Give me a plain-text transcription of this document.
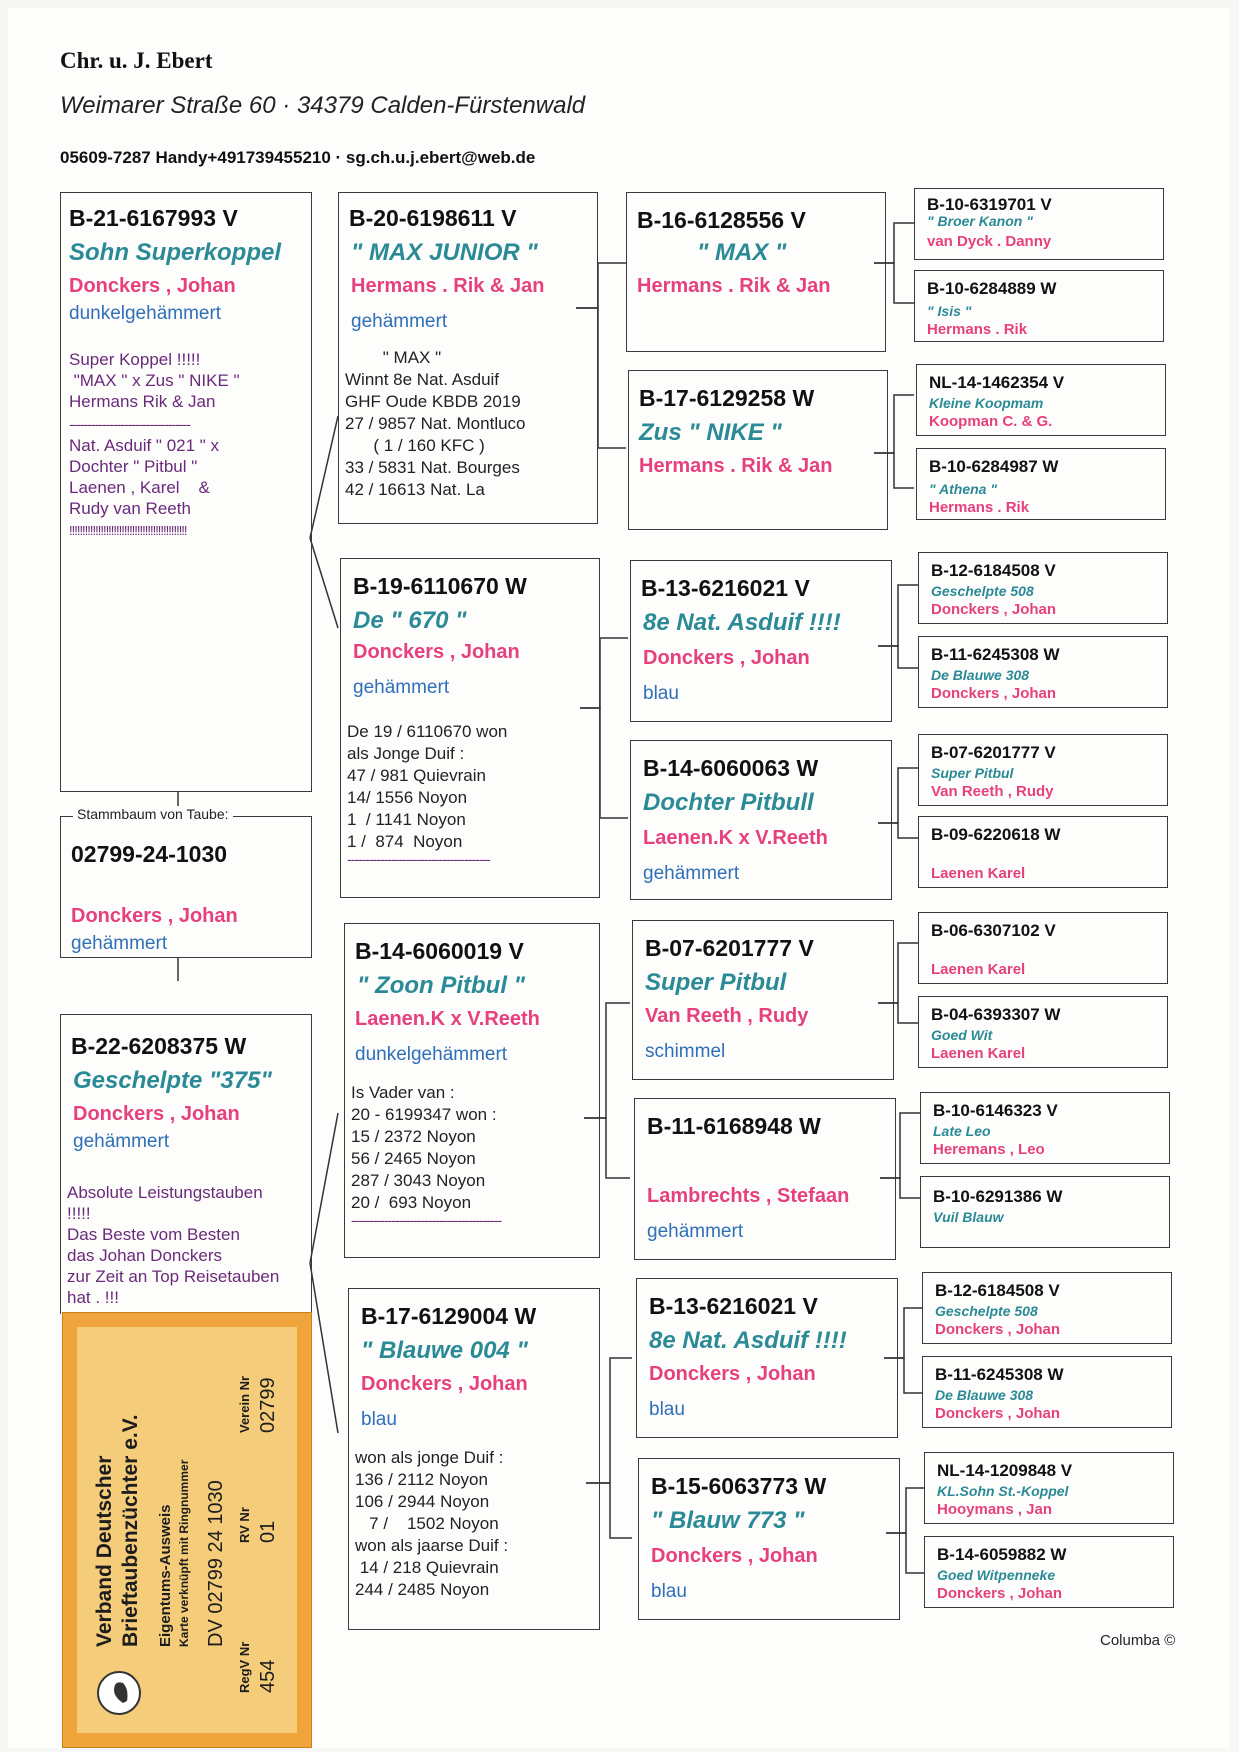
Chr. u. J. Ebert
Weimarer Straße 60 · 34379 Calden-Fürstenwald
05609-7287 Handy+491739455210 · sg.ch.u.j.ebert@web.de
B-21-6167993 V
Sohn Superkoppel
Donckers , Johan
dunkelgehämmert
Super Koppel !!!!!
"MAX " x Zus " NIKE "
Hermans Rik & Jan
---------------------------------
Nat. Asduif " 021 " x
Dochter " Pitbul "
Laenen , Karel    &
Rudy van Reeth
!!!!!!!!!!!!!!!!!!!!!!!!!!!!!!!!!!!!!!!!!!!!!
Stammbaum von Taube:
02799-24-1030
Donckers , Johan
gehämmert
B-22-6208375 W
Geschelpte "375"
Donckers , Johan
gehämmert
Absolute Leistungstauben
!!!!!
Das Beste vom Besten
das Johan Donckers
zur Zeit an Top Reisetauben
hat . !!!
B-20-6198611 V
" MAX JUNIOR "
Hermans . Rik & Jan
gehämmert
" MAX "
Winnt 8e Nat. Asduif
GHF Oude KBDB 2019
27 / 9857 Nat. Montluco
( 1 / 160 KFC )
33 / 5831 Nat. Bourges
42 / 16613 Nat. La
B-19-6110670 W
De " 670 "
Donckers , Johan
gehämmert
De 19 / 6110670 won
als Jonge Duif :
47 / 981 Quievrain
14/ 1556 Noyon
1  / 1141 Noyon
1 /  874  Noyon
---------------------------------------
B-14-6060019 V
" Zoon Pitbul "
Laenen.K x V.Reeth
dunkelgehämmert
Is Vader van :
20 - 6199347 won :
15 / 2372 Noyon
56 / 2465 Noyon
287 / 3043 Noyon
20 /  693 Noyon
-----------------------------------------
B-17-6129004 W
" Blauwe 004 "
Donckers , Johan
blau
won als jonge Duif :
136 / 2112 Noyon
106 / 2944 Noyon
7 /    1502 Noyon
won als jaarse Duif :
14 / 218 Quievrain
244 / 2485 Noyon
B-16-6128556 V
" MAX "
Hermans . Rik & Jan
B-17-6129258 W
Zus " NIKE "
Hermans . Rik & Jan
B-13-6216021 V
8e Nat. Asduif !!!!
Donckers , Johan
blau
B-14-6060063 W
Dochter Pitbull
Laenen.K x V.Reeth
gehämmert
B-07-6201777 V
Super Pitbul
Van Reeth , Rudy
schimmel
B-11-6168948 W
Lambrechts , Stefaan
gehämmert
B-13-6216021 V
8e Nat. Asduif !!!!
Donckers , Johan
blau
B-15-6063773 W
" Blauw 773 "
Donckers , Johan
blau
B-10-6319701 V
" Broer Kanon "
van Dyck . Danny
B-10-6284889 W
" Isis "
Hermans . Rik
NL-14-1462354 V
Kleine Koopmam
Koopman C. & G.
B-10-6284987 W
" Athena "
Hermans . Rik
B-12-6184508 V
Geschelpte 508
Donckers , Johan
B-11-6245308 W
De Blauwe 308
Donckers , Johan
B-07-6201777 V
Super Pitbul
Van Reeth , Rudy
B-09-6220618 W
Laenen Karel
B-06-6307102 V
Laenen Karel
B-04-6393307 W
Goed Wit
Laenen Karel
B-10-6146323 V
Late Leo
Heremans , Leo
B-10-6291386 W
Vuil Blauw
B-12-6184508 V
Geschelpte 508
Donckers , Johan
B-11-6245308 W
De Blauwe 308
Donckers , Johan
NL-14-1209848 V
KL.Sohn St.-Koppel
Hooymans , Jan
B-14-6059882 W
Goed Witpenneke
Donckers , Johan
Columba ©
Verband Deutscher Brieftaubenzüchter e.V. Eigentums-Ausweis Karte verknüpft mit Ringnummer DV 02799 24 1030
RegV Nr 454
RV Nr 01
Verein Nr 02799
